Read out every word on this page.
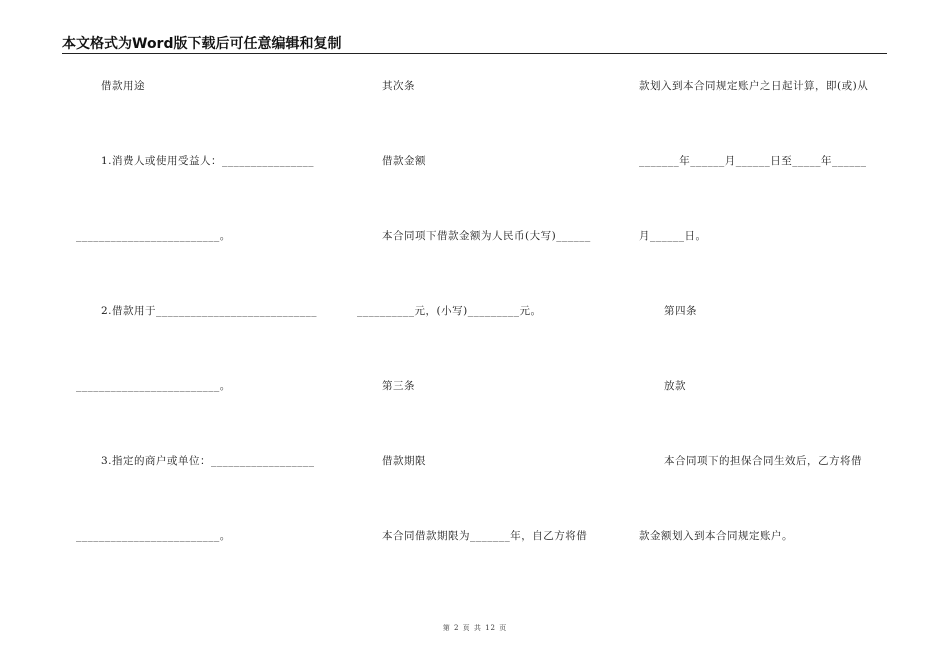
本文格式为Word版下载后可任意编辑和复制
借款用途
1.消费人或使用受益人：________________
_________________________。
2.借款用于____________________________
_________________________。
3.指定的商户或单位：__________________
_________________________。
其次条
借款金额
本合同项下借款金额为人民币(大写)______
__________元，(小写)_________元。
第三条
借款期限
本合同借款期限为_______年，自乙方将借
款划入到本合同规定账户之日起计算，即(或)从
_______年______月______日至_____年______
月______日。
第四条
放款
本合同项下的担保合同生效后，乙方将借
款金额划入到本合同规定账户。
第 2 页 共 12 页
